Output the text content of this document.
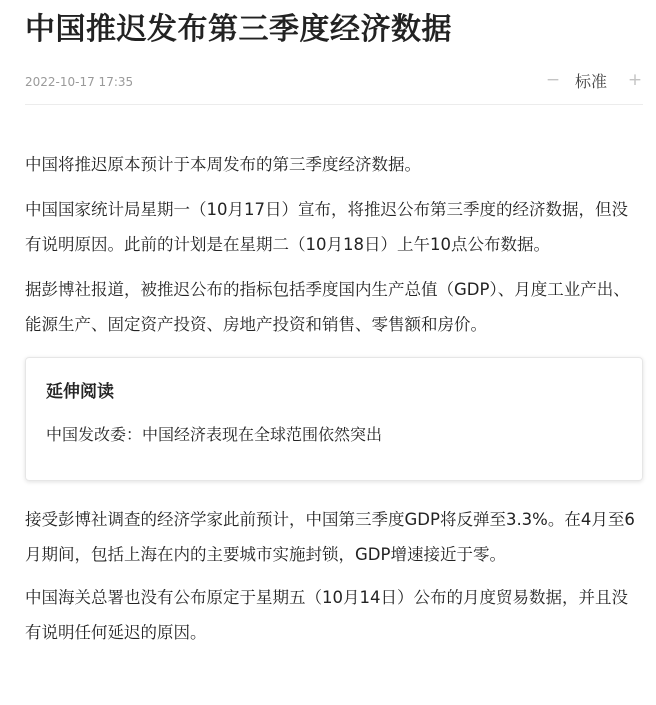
中国推迟发布第三季度经济数据
2022-10-17 17:35	− 标准 +

中国将推迟原本预计于本周发布的第三季度经济数据。

中国国家统计局星期一（10月17日）宣布，将推迟公布第三季度的经济数据，但没有说明原因。此前的计划是在星期二（10月18日）上午10点公布数据。

据彭博社报道，被推迟公布的指标包括季度国内生产总值（GDP）、月度工业产出、能源生产、固定资产投资、房地产投资和销售、零售额和房价。

延伸阅读
中国发改委：中国经济表现在全球范围依然突出

接受彭博社调查的经济学家此前预计，中国第三季度GDP将反弹至3.3%。在4月至6月期间，包括上海在内的主要城市实施封锁，GDP增速接近于零。

中国海关总署也没有公布原定于星期五（10月14日）公布的月度贸易数据，并且没有说明任何延迟的原因。
